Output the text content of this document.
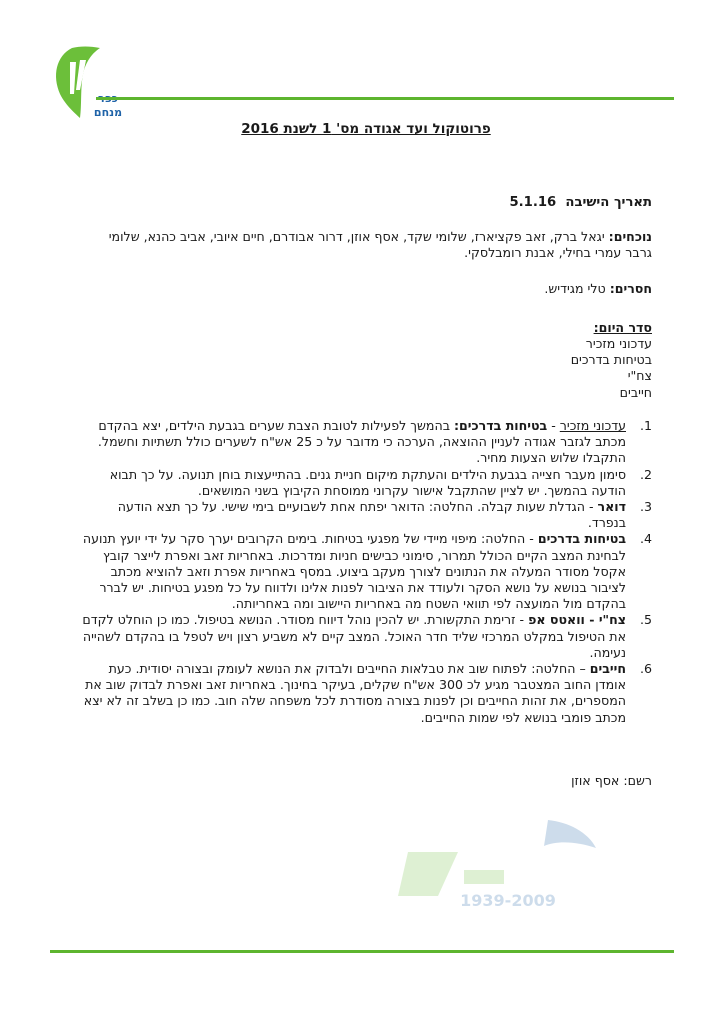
מנחם
1939-2009
פרוטוקול ועד אגודה מס' 1 לשנת 2016
תאריך הישיבה  5.1.16
נוכחים: יגאל ברק, זאב פקציארז, שלומי שקד, אסף אוזן, דרור אבודרם, חיים איובי, אביב כהנא, שלומי גרבר עמרי בחילי, אבנת רומבלסקי.
חסרים: טלי מגידיש.
סדר היום:
עדכוני מזכיר
בטיחות בדרכים
צח"י
חייבים
1.
עדכוני מזכיר - בטיחות בדרכים: בהמשך לפעילות לטובת הצבת שערים בגבעת הילדים, יצא בהקדם מכתב לגזבר אגודה לעניין ההוצאה, הערכה כי מדובר על כ 25 אש"ח לשערים כולל תשתיות וחשמל. התקבלו שלוש הצעות מחיר.
2.
סימון מעבר חצייה בגבעת הילדים והעתקת מיקום חניית גנים. בהתייעצות בוחן תנועה. על כך תבוא הודעה בהמשך. יש לציין שהתקבל אישור עקרוני ממוסחת הקיבוץ בשני המושאים.
3.
דואר - הגדלת שעות קבלה. החלטה: הדואר יפתח אחת לשבועיים בימי שישי. על כך תצא הודעה בנפרד.
4.
בטיחות בדרכים - החלטה: מיפוי מיידי של מפגעי בטיחות. בימים הקרובים יערך סקר על ידי יועץ תנועה לבחינת המצב הקיים הכולל תמרור, סימוני כבישים חניות ומדרכות. באחריות זאב ואפרת לייצר קובץ אקסל מסודר המעלה את הנתונים לצורך מעקב ביצוע. במסף באחריות אפרת וזאב להוציא מכתב לציבור בנושא על נושא הסקר ולעודד את הציבור לפנות אלינו ולדווח על כל מפגע בטיחות. יש לברר בהקדם מול המועצה לפי תוואי השטח מה באחריות היישוב ומה באחריותה.
5.
צח"י - וואטס אפ - זרימת התקשורת. יש להכין נוהל דיווח מסודר. הנושא בטיפול. כמו כן הוחלט לקדם את הטיפול במקלט המרכזי שליד חדר האוכל. המצב קיים לא משביע רצון ויש לטפל בו בהקדם לשהייה נעימה.
6.
חייבים – החלטה: לפתוח שוב את טבלאות החייבים ולבדוק את הנושא לעומק ובצורה יסודית. כעת אומדן החוב המצטבר מגיע לכ 300 אש"ח שקלים, בעיקר בחינוך. באחריות זאב ואפרת לבדוק שוב את המספרים, את זהות החייבים וכן לפנות בצורה מסודרת לכל משפחה שלה חוב. כמו כן בשלב זה לא יצא מכתב פומבי בנושא לפי שמות החייבים.
רשם: אסף אוזן
